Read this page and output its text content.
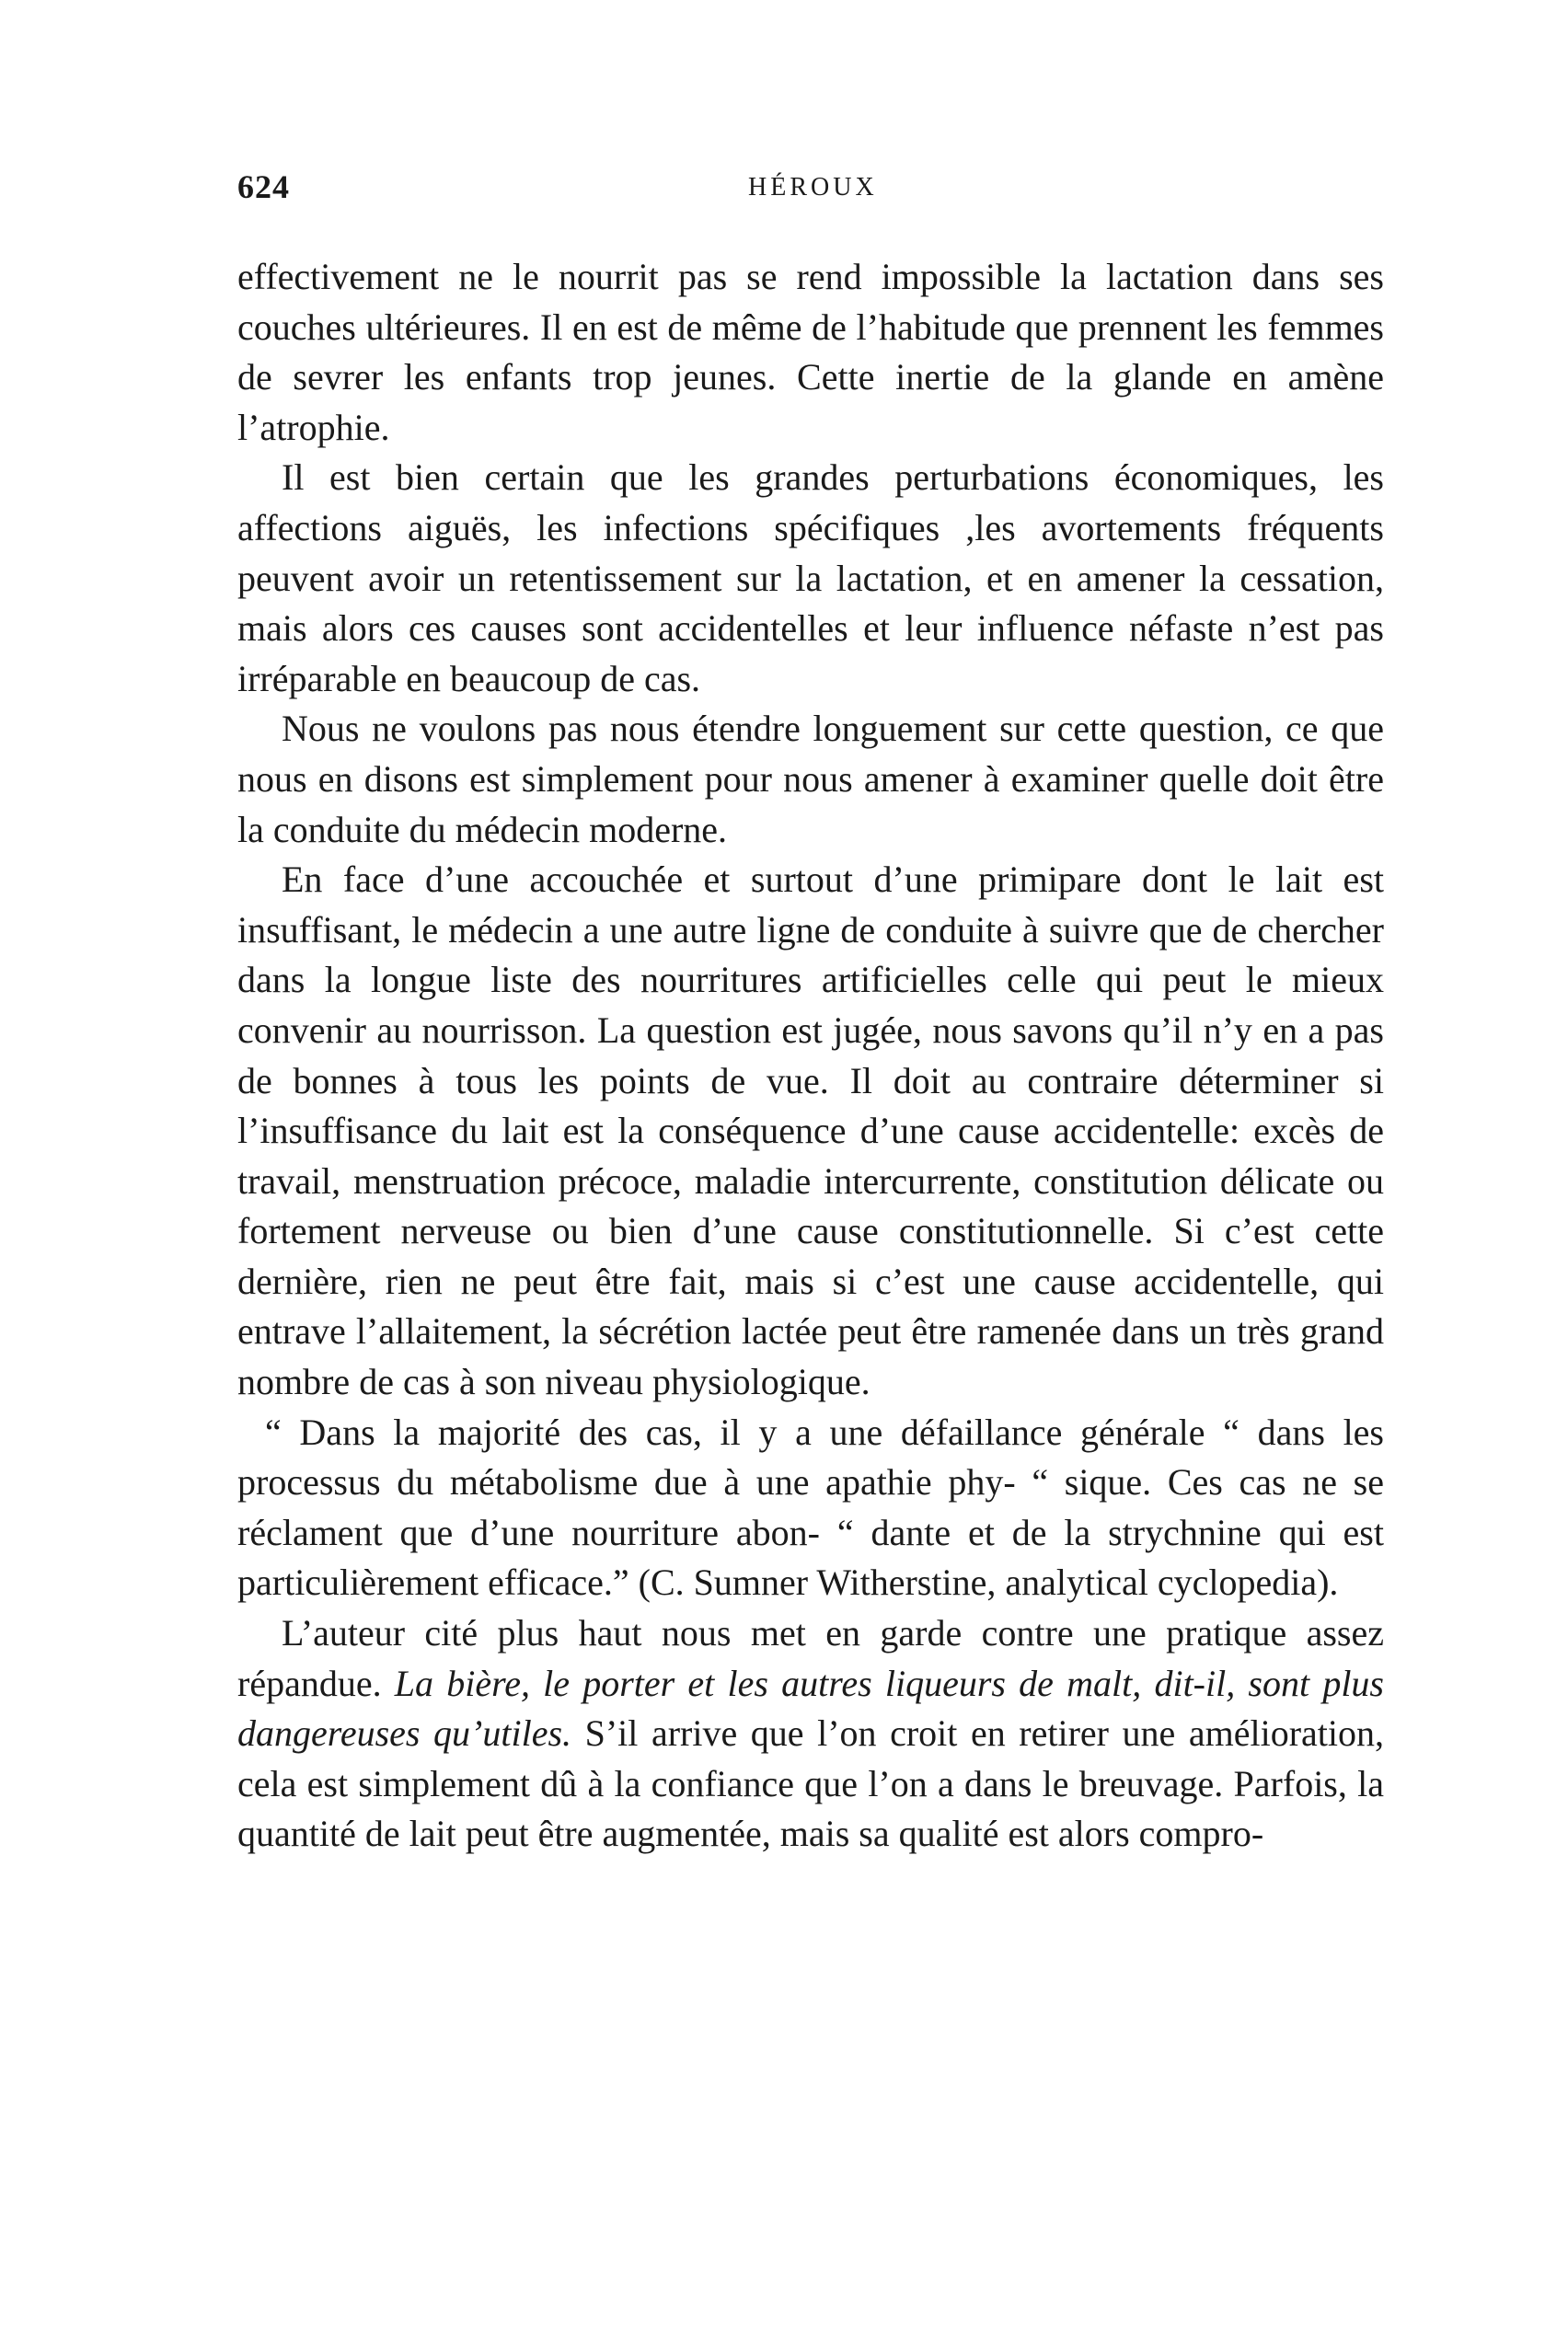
624	HÉROUX

effectivement ne le nourrit pas se rend impossible la lactation dans ses couches ultérieures. Il en est de même de l’habitude que prennent les femmes de sevrer les enfants trop jeunes. Cette inertie de la glande en amène l’atrophie.

Il est bien certain que les grandes perturbations économiques, les affections aiguës, les infections spécifiques ,les avortements fréquents peuvent avoir un retentissement sur la lactation, et en amener la cessation, mais alors ces causes sont accidentelles et leur influence néfaste n’est pas irréparable en beaucoup de cas.

Nous ne voulons pas nous étendre longuement sur cette question, ce que nous en disons est simplement pour nous amener à examiner quelle doit être la conduite du médecin moderne.

En face d’une accouchée et surtout d’une primipare dont le lait est insuffisant, le médecin a une autre ligne de conduite à suivre que de chercher dans la longue liste des nourritures artificielles celle qui peut le mieux convenir au nourrisson. La question est jugée, nous savons qu’il n’y en a pas de bonnes à tous les points de vue. Il doit au contraire déterminer si l’insuffisance du lait est la conséquence d’une cause accidentelle: excès de travail, menstruation précoce, maladie intercurrente, constitution délicate ou fortement nerveuse ou bien d’une cause constitutionnelle. Si c’est cette dernière, rien ne peut être fait, mais si c’est une cause accidentelle, qui entrave l’allaitement, la sécrétion lactée peut être ramenée dans un très grand nombre de cas à son niveau physiologique.

“ Dans la majorité des cas, il y a une défaillance générale “ dans les processus du métabolisme due à une apathie phy- “ sique. Ces cas ne se réclament que d’une nourriture abon- “ dante et de la strychnine qui est particulièrement efficace.” (C. Sumner Witherstine, analytical cyclopedia).

L’auteur cité plus haut nous met en garde contre une pratique assez répandue. La bière, le porter et les autres liqueurs de malt, dit-il, sont plus dangereuses qu’utiles. S’il arrive que l’on croit en retirer une amélioration, cela est simplement dû à la confiance que l’on a dans le breuvage. Parfois, la quantité de lait peut être augmentée, mais sa qualité est alors compro-
